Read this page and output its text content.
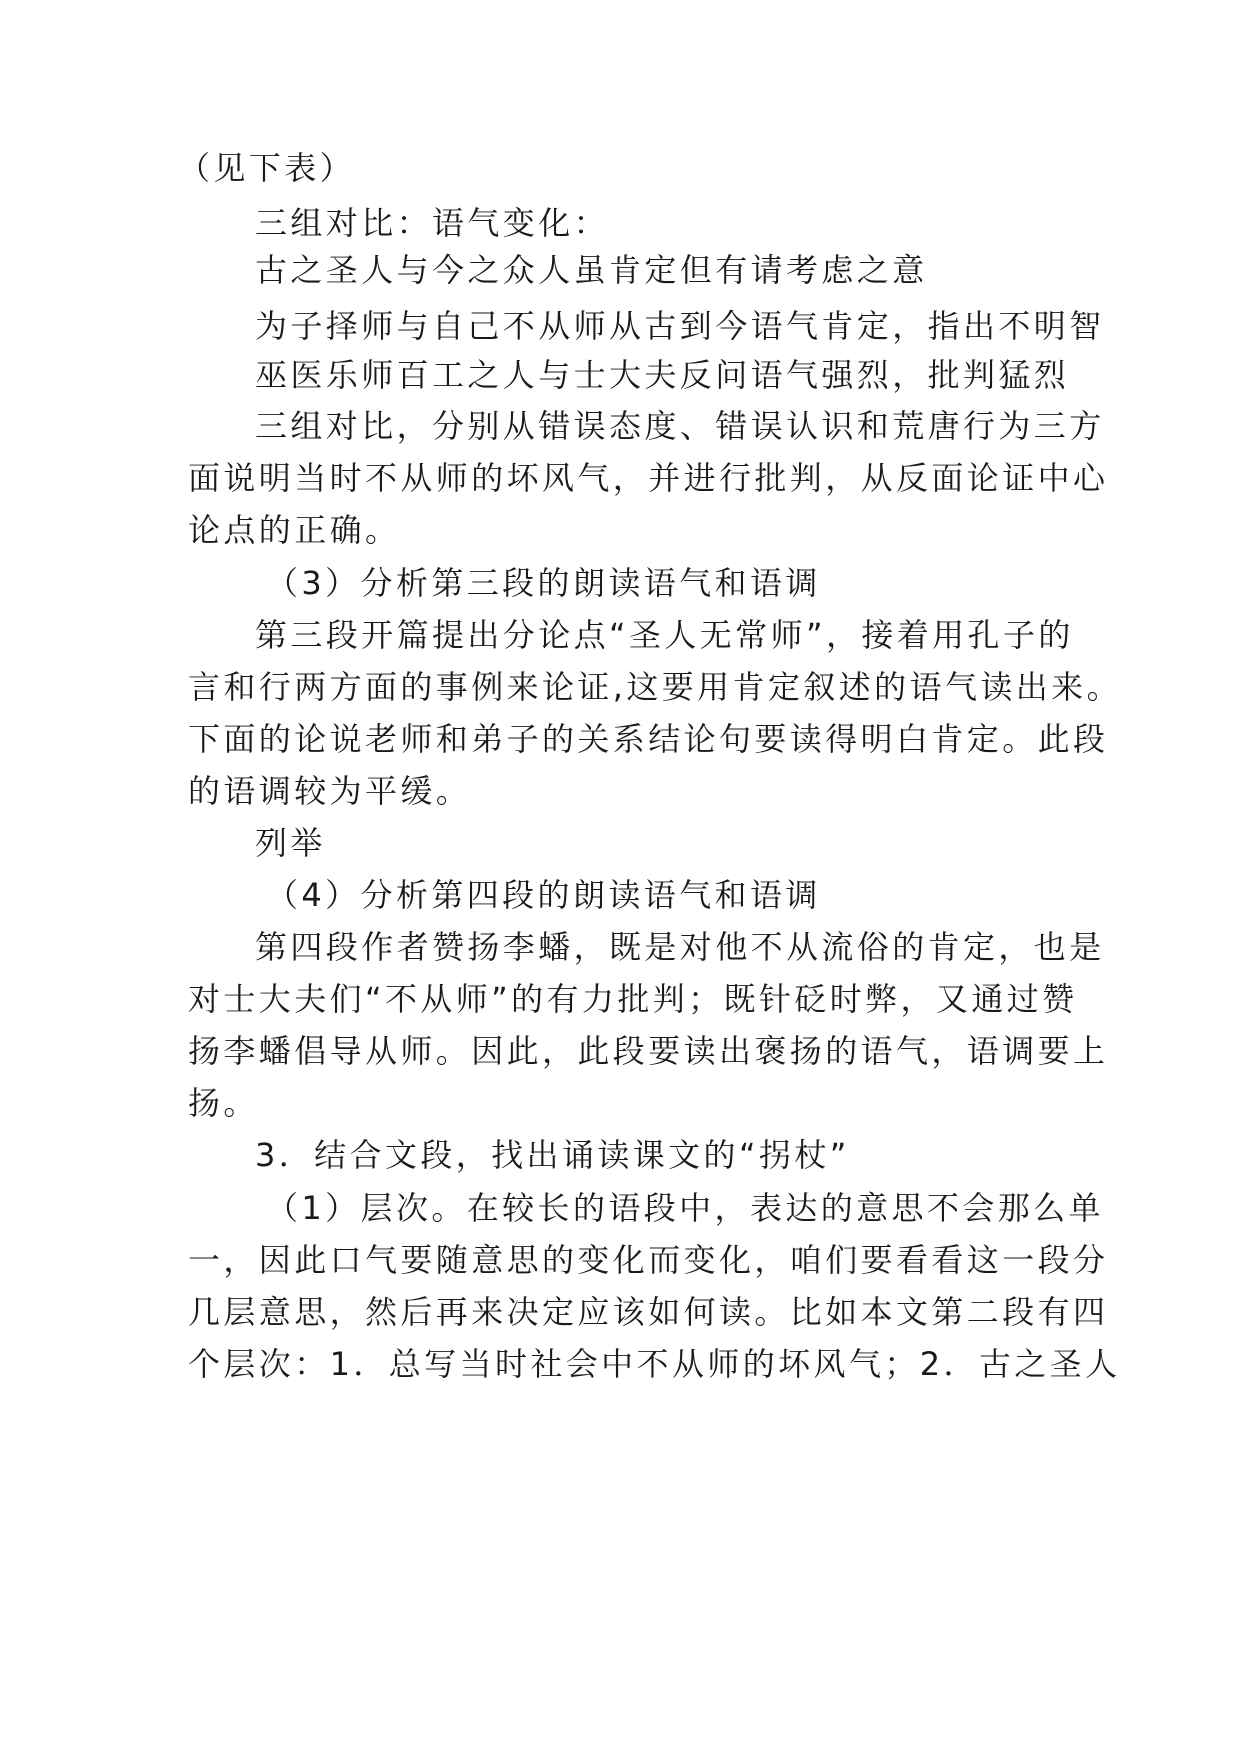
（见下表）
三组对比：语气变化：
古之圣人与今之众人虽肯定但有请考虑之意
为子择师与自己不从师从古到今语气肯定，指出不明智
巫医乐师百工之人与士大夫反问语气强烈，批判猛烈
三组对比，分别从错误态度、错误认识和荒唐行为三方
面说明当时不从师的坏风气，并进行批判，从反面论证中心
论点的正确。
（3）分析第三段的朗读语气和语调
第三段开篇提出分论点“圣人无常师”，接着用孔子的
言和行两方面的事例来论证,这要用肯定叙述的语气读出来。
下面的论说老师和弟子的关系结论句要读得明白肯定。此段
的语调较为平缓。
列举
（4）分析第四段的朗读语气和语调
第四段作者赞扬李蟠，既是对他不从流俗的肯定，也是
对士大夫们“不从师”的有力批判；既针砭时弊，又通过赞
扬李蟠倡导从师。因此，此段要读出褒扬的语气，语调要上
扬。
3．结合文段，找出诵读课文的“拐杖”
（1）层次。在较长的语段中，表达的意思不会那么单
一，因此口气要随意思的变化而变化，咱们要看看这一段分
几层意思，然后再来决定应该如何读。比如本文第二段有四
个层次：1．总写当时社会中不从师的坏风气；2．古之圣人
